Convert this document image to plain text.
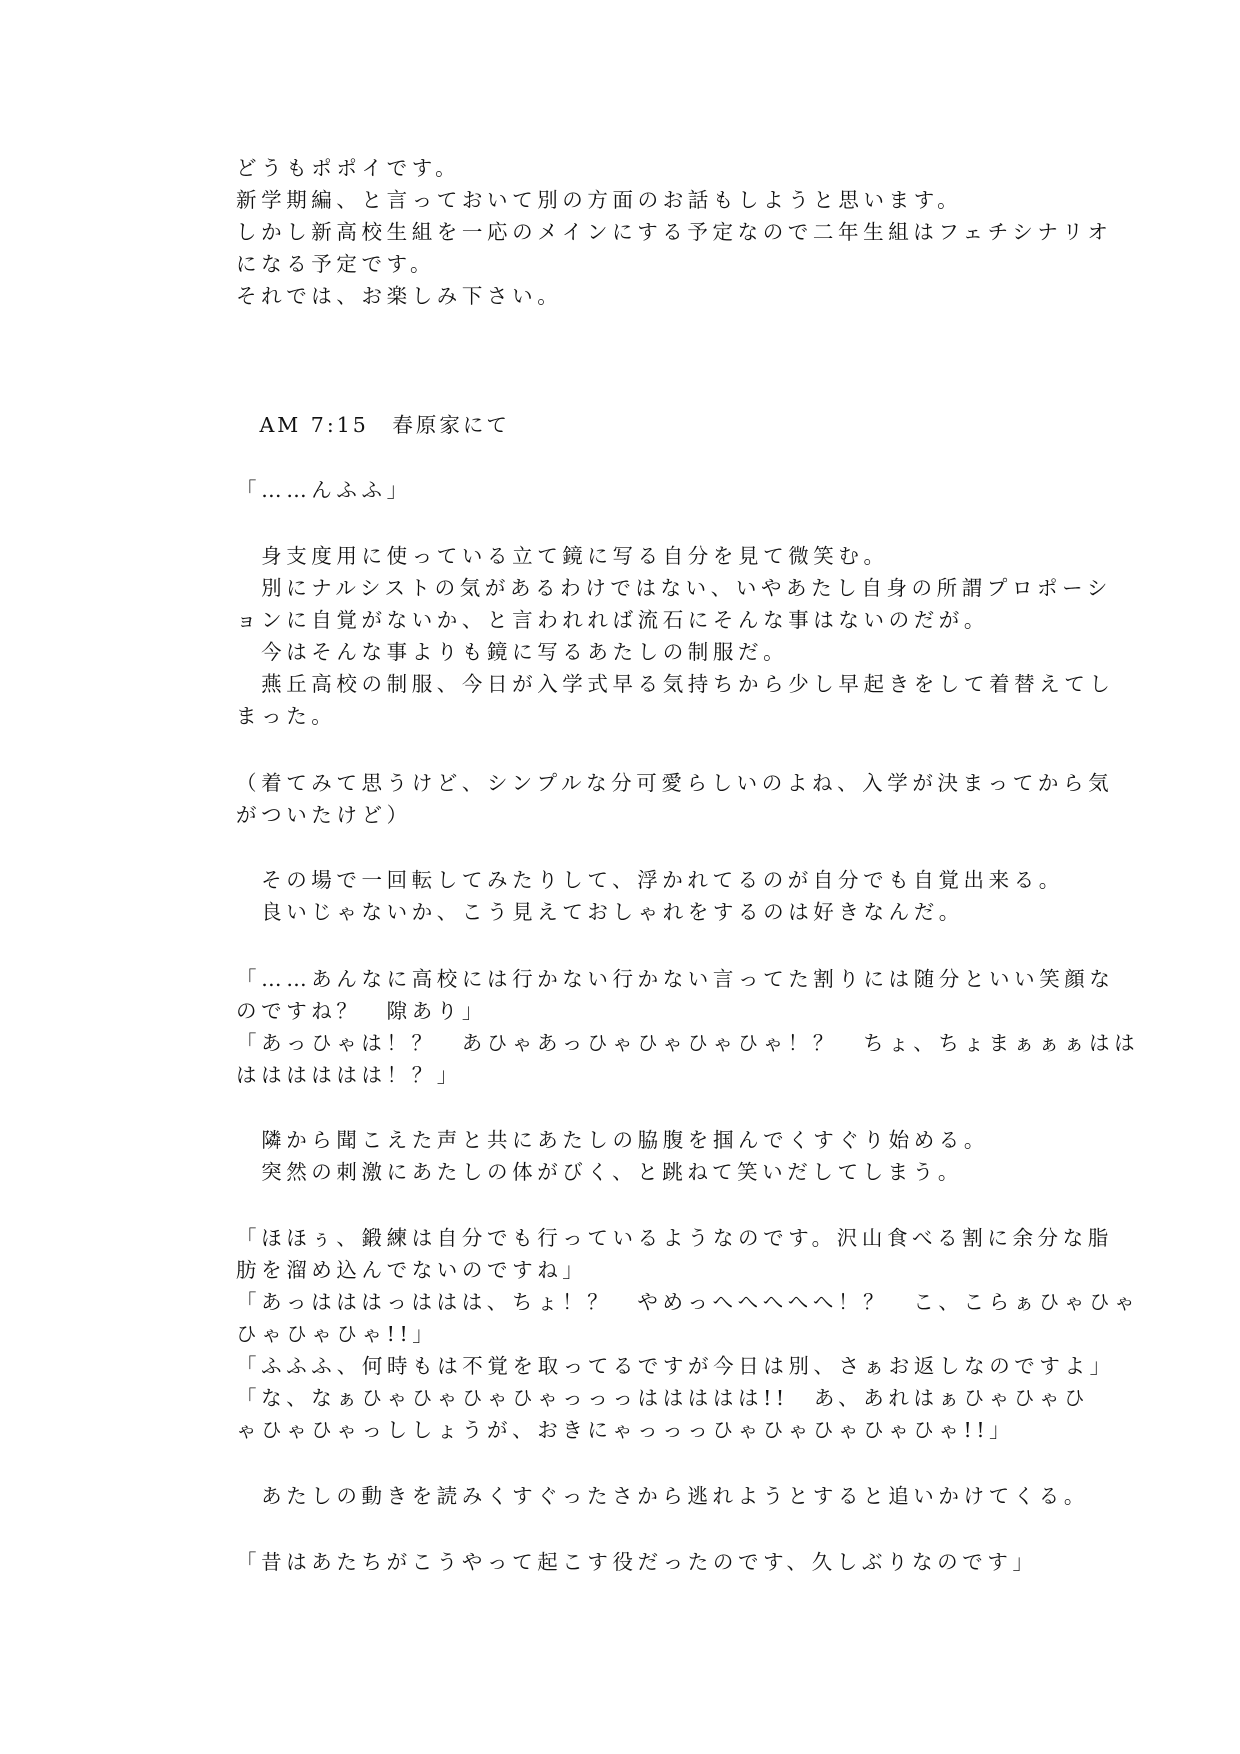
どうもポポイです。

新学期編、と言っておいて別の方面のお話もしようと思います。

しかし新高校生組を一応のメインにする予定なので二年生組はフェチシナリオ

になる予定です。

それでは、お楽しみ下さい。

　AM 7:15　春原家にて

「……んふふ」

　身支度用に使っている立て鏡に写る自分を見て微笑む。

　別にナルシストの気があるわけではない、いやあたし自身の所謂プロポーシ

ョンに自覚がないか、と言われれば流石にそんな事はないのだが。

　今はそんな事よりも鏡に写るあたしの制服だ。

　燕丘高校の制服、今日が入学式早る気持ちから少し早起きをして着替えてし

まった。

（着てみて思うけど、シンプルな分可愛らしいのよね、入学が決まってから気

がついたけど）

　その場で一回転してみたりして、浮かれてるのが自分でも自覚出来る。

　良いじゃないか、こう見えておしゃれをするのは好きなんだ。

「……あんなに高校には行かない行かない言ってた割りには随分といい笑顔な

のですね？　隙あり」

「あっひゃは！？　あひゃあっひゃひゃひゃひゃ！？　ちょ、ちょまぁぁぁはは

はははははは！？」

　隣から聞こえた声と共にあたしの脇腹を掴んでくすぐり始める。

　突然の刺激にあたしの体がびく、と跳ねて笑いだしてしまう。

「ほほぅ、鍛練は自分でも行っているようなのです。沢山食べる割に余分な脂

肪を溜め込んでないのですね」

「あっはははっははは、ちょ！？　やめっへへへへへ！？　こ、こらぁひゃひゃ

ひゃひゃひゃ!!」

「ふふふ、何時もは不覚を取ってるですが今日は別、さぁお返しなのですよ」

「な、なぁひゃひゃひゃひゃっっっははははは!!　あ、あれはぁひゃひゃひ

ゃひゃひゃっししょうが、おきにゃっっっひゃひゃひゃひゃひゃ!!」

　あたしの動きを読みくすぐったさから逃れようとすると追いかけてくる。

「昔はあたちがこうやって起こす役だったのです、久しぶりなのです」
